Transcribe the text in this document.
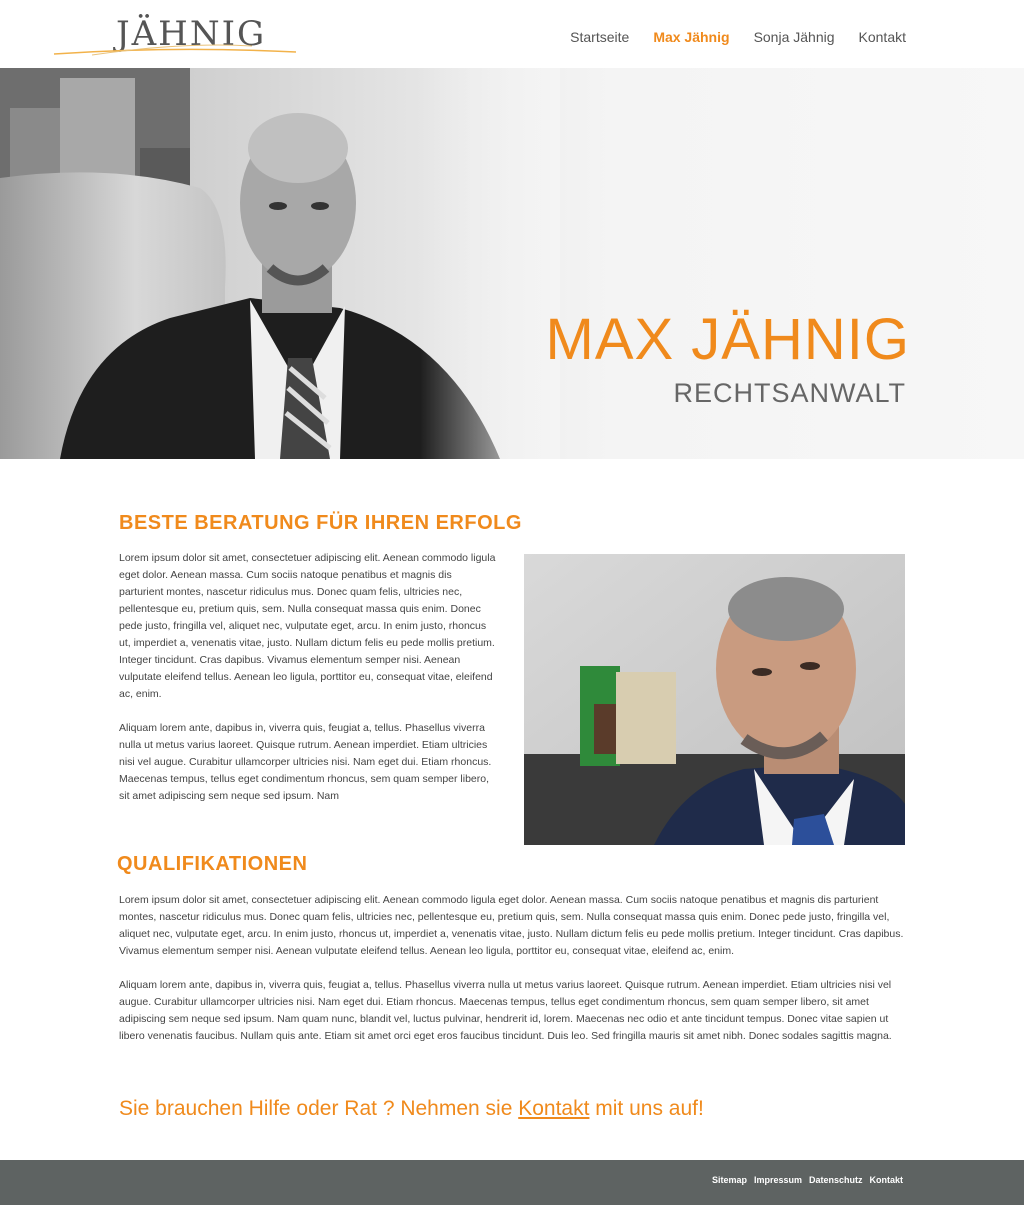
JÄHNIG	Startseite Max Jähnig Sonja Jähnig Kontakt
MAX JÄHNIG
RECHTSANWALT
BESTE BERATUNG FÜR IHREN ERFOLG

Lorem ipsum dolor sit amet, consectetuer adipiscing elit. Aenean commodo ligula eget dolor. Aenean massa. Cum sociis natoque penatibus et magnis dis parturient montes, nascetur ridiculus mus. Donec quam felis, ultricies nec, pellentesque eu, pretium quis, sem. Nulla consequat massa quis enim. Donec pede justo, fringilla vel, aliquet nec, vulputate eget, arcu. In enim justo, rhoncus ut, imperdiet a, venenatis vitae, justo. Nullam dictum felis eu pede mollis pretium. Integer tincidunt. Cras dapibus. Vivamus elementum semper nisi. Aenean vulputate eleifend tellus. Aenean leo ligula, porttitor eu, consequat vitae, eleifend ac, enim.

Aliquam lorem ante, dapibus in, viverra quis, feugiat a, tellus. Phasellus viverra nulla ut metus varius laoreet. Quisque rutrum. Aenean imperdiet. Etiam ultricies nisi vel augue. Curabitur ullamcorper ultricies nisi. Nam eget dui. Etiam rhoncus. Maecenas tempus, tellus eget condimentum rhoncus, sem quam semper libero, sit amet adipiscing sem neque sed ipsum. Nam

QUALIFIKATIONEN

Lorem ipsum dolor sit amet, consectetuer adipiscing elit. Aenean commodo ligula eget dolor. Aenean massa. Cum sociis natoque penatibus et magnis dis parturient montes, nascetur ridiculus mus. Donec quam felis, ultricies nec, pellentesque eu, pretium quis, sem. Nulla consequat massa quis enim. Donec pede justo, fringilla vel, aliquet nec, vulputate eget, arcu. In enim justo, rhoncus ut, imperdiet a, venenatis vitae, justo. Nullam dictum felis eu pede mollis pretium. Integer tincidunt. Cras dapibus. Vivamus elementum semper nisi. Aenean vulputate eleifend tellus. Aenean leo ligula, porttitor eu, consequat vitae, eleifend ac, enim.

Aliquam lorem ante, dapibus in, viverra quis, feugiat a, tellus. Phasellus viverra nulla ut metus varius laoreet. Quisque rutrum. Aenean imperdiet. Etiam ultricies nisi vel augue. Curabitur ullamcorper ultricies nisi. Nam eget dui. Etiam rhoncus. Maecenas tempus, tellus eget condimentum rhoncus, sem quam semper libero, sit amet adipiscing sem neque sed ipsum. Nam quam nunc, blandit vel, luctus pulvinar, hendrerit id, lorem. Maecenas nec odio et ante tincidunt tempus. Donec vitae sapien ut libero venenatis faucibus. Nullam quis ante. Etiam sit amet orci eget eros faucibus tincidunt. Duis leo. Sed fringilla mauris sit amet nibh. Donec sodales sagittis magna.

Sie brauchen Hilfe oder Rat ? Nehmen sie Kontakt mit uns auf!
Sitemap Impressum Datenschutz Kontakt
